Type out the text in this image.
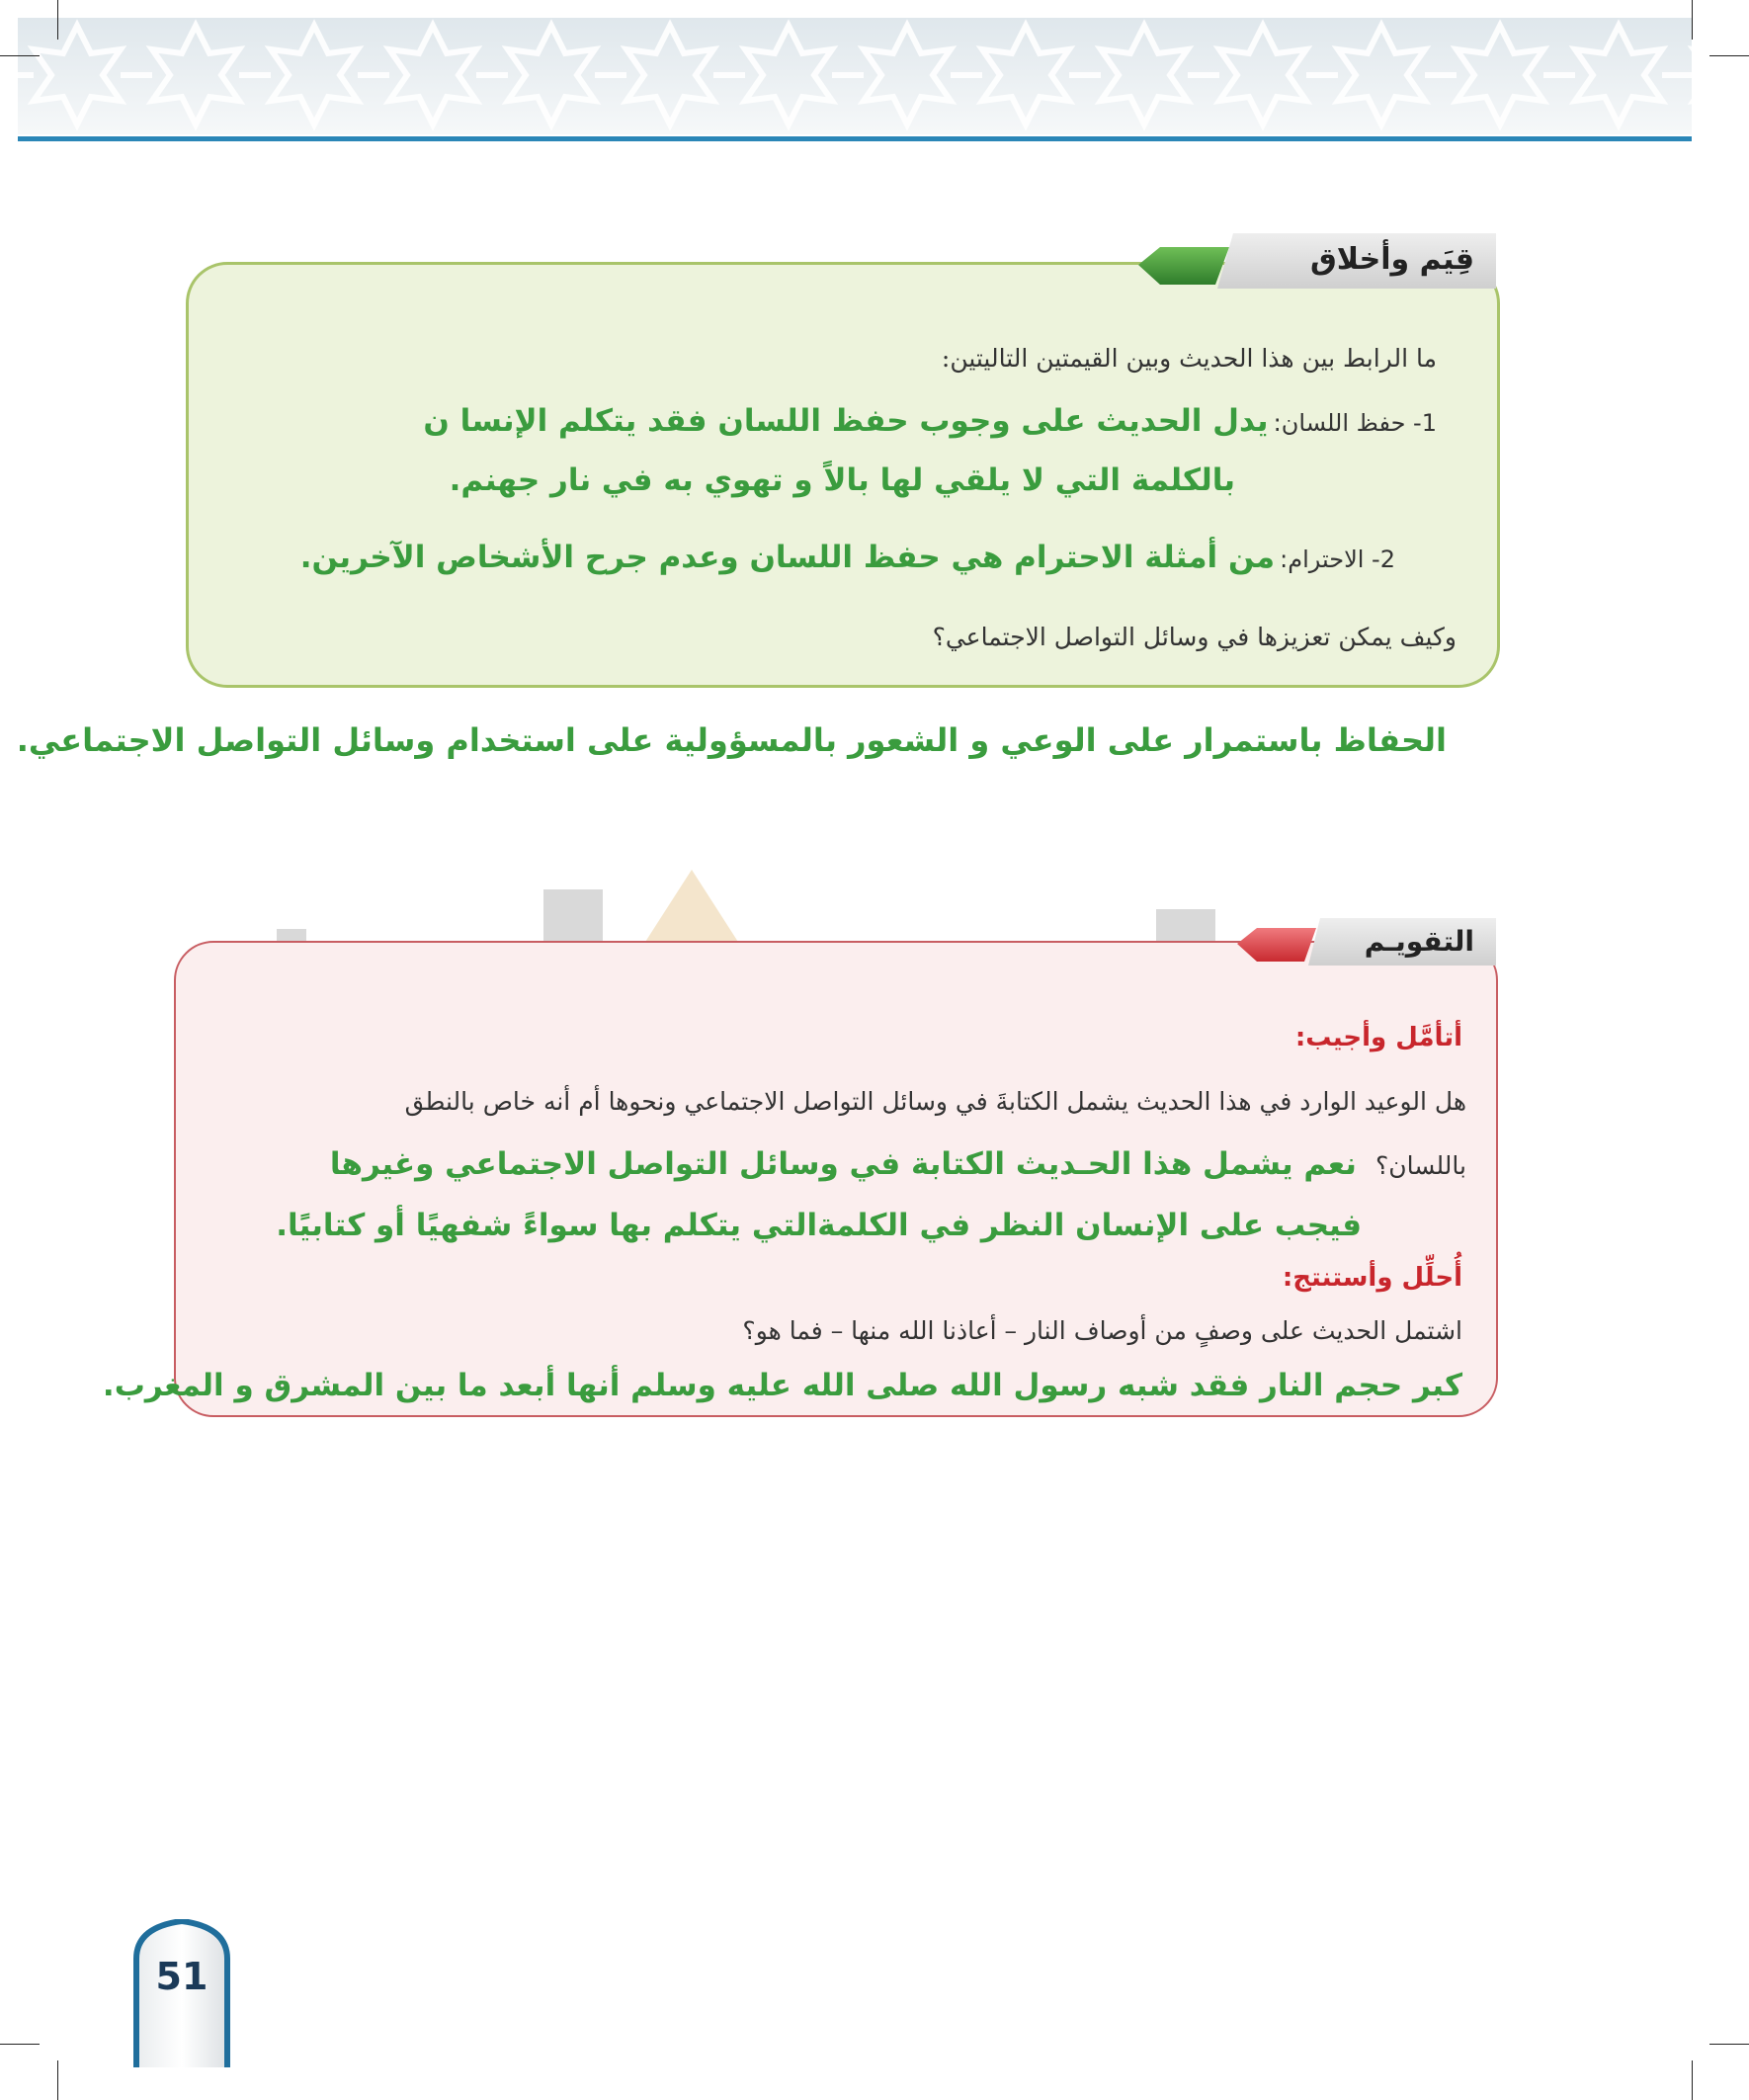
قِيَم وأخلاق
ما الرابط بين هذا الحديث وبين القيمتين التاليتين:
1- حفظ اللسان: يدل الحديث على وجوب حفظ اللسان فقد يتكلم الإنسا ن
بالكلمة التي لا يلقي لها بالاً و تهوي به في نار جهنم.
2- الاحترام: من أمثلة الاحترام هي حفظ اللسان وعدم جرح الأشخاص الآخرين.
وكيف يمكن تعزيزها في وسائل التواصل الاجتماعي؟
الحفاظ باستمرار على الوعي و الشعور بالمسؤولية على استخدام وسائل التواصل الاجتماعي.
التقويـم
أتأمَّل وأجيب:
هل الوعيد الوارد في هذا الحديث يشمل الكتابةَ في وسائل التواصل الاجتماعي ونحوها أم أنه خاص بالنطق
باللسان؟ نعم يشمل هذا الحـديث الكتابة في وسائل التواصل الاجتماعي وغيرها
فيجب على الإنسان النظر في الكلمةالتي يتكلم بها سواءً شفهيًا أو كتابيًا.
أُحلِّل وأستنتج:
اشتمل الحديث على وصفٍ من أوصاف النار – أعاذنا الله منها – فما هو؟
كبر حجم النار فقد شبه رسول الله صلى الله عليه وسلم أنها أبعد ما بين المشرق و المغرب.
51
